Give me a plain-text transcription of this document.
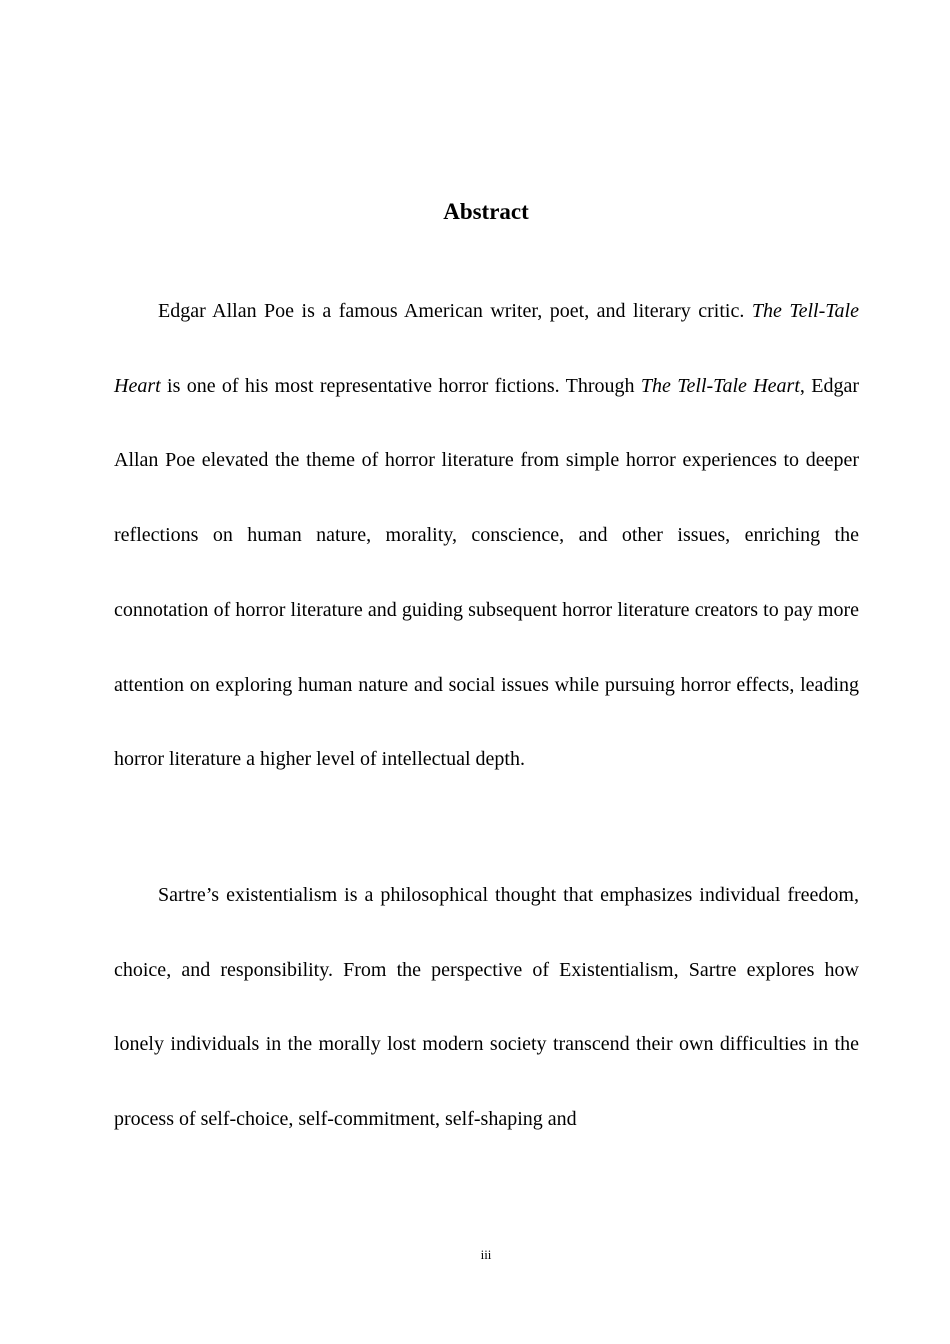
Abstract

Edgar Allan Poe is a famous American writer, poet, and literary critic. The Tell-Tale Heart is one of his most representative horror fictions. Through The Tell-Tale Heart, Edgar Allan Poe elevated the theme of horror literature from simple horror experiences to deeper reflections on human nature, morality, conscience, and other issues, enriching the connotation of horror literature and guiding subsequent horror literature creators to pay more attention on exploring human nature and social issues while pursuing horror effects, leading horror literature a higher level of intellectual depth.

Sartre’s existentialism is a philosophical thought that emphasizes individual freedom, choice, and responsibility. From the perspective of Existentialism, Sartre explores how lonely individuals in the morally lost modern society transcend their own difficulties in the process of self-choice, self-commitment, self-shaping and

iii
